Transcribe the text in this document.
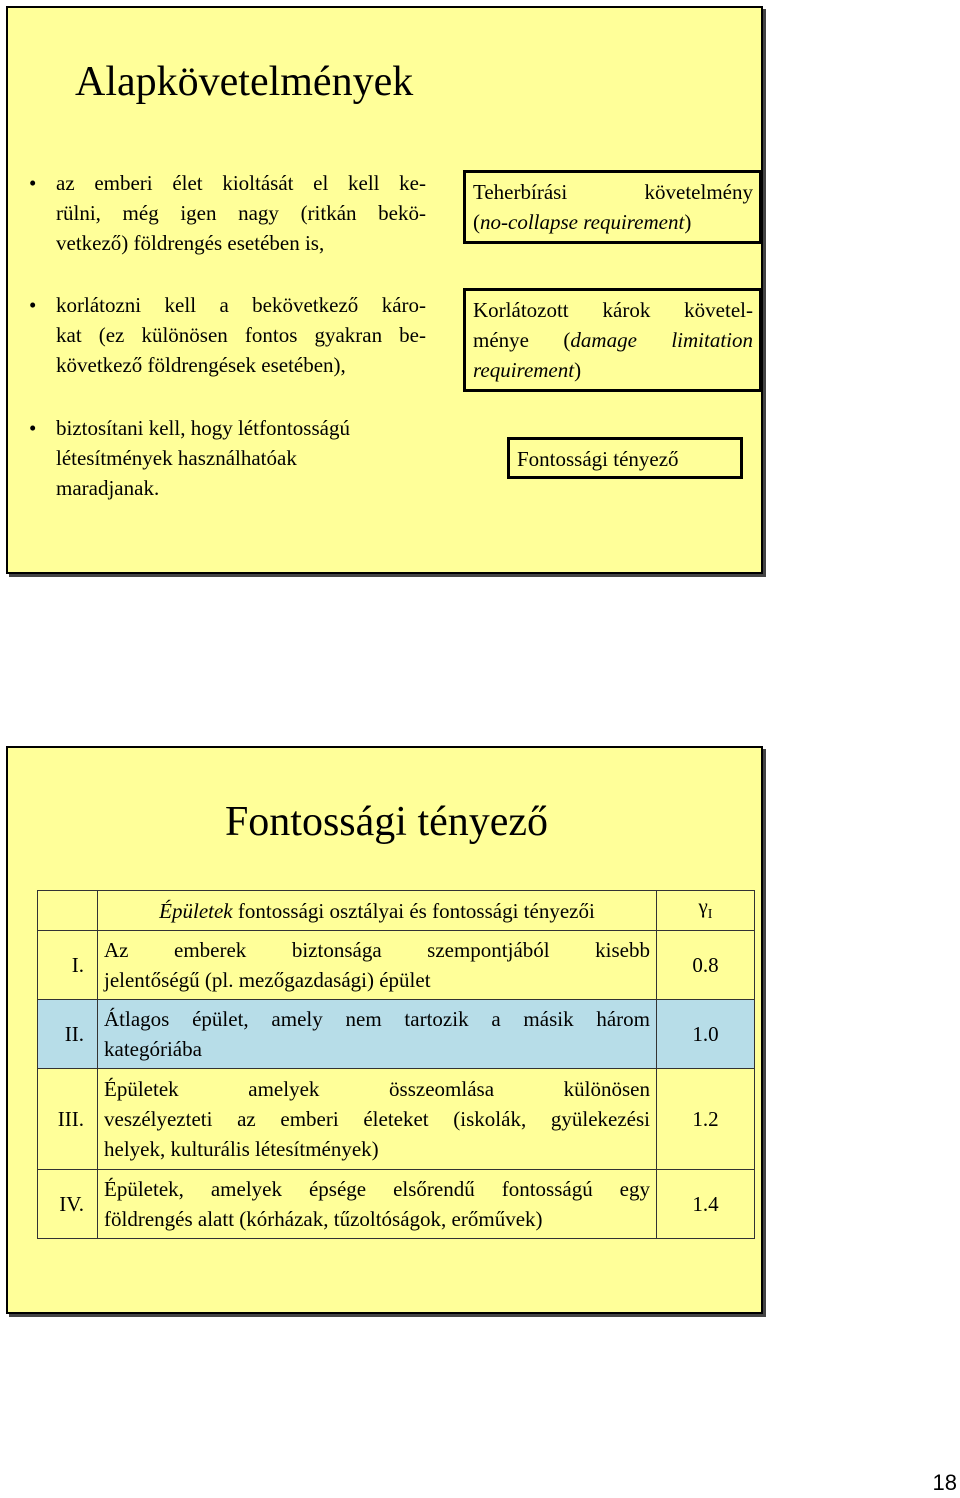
Alapkövetelmények
• az emberi élet kioltását el kell ke-
rülni, még igen nagy (ritkán bekö-
vetkező) földrengés esetében is,
• korlátozni kell a bekövetkező káro-
kat (ez különösen fontos gyakran be-
következő földrengések esetében),
• biztosítani kell, hogy létfontosságú
létesítmények használhatóak
maradjanak.
Teherbírási követelmény
(no-collapse requirement)
Korlátozott károk követel-
ménye (damage limitation
requirement)
Fontossági tényező
Fontossági tényező
	Épületek fontossági osztályai és fontossági tényezői	$\gamma_I$
I.	Az emberek biztonsága szempontjából kisebb
jelentőségű (pl. mezőgazdasági) épület	0.8
II.	Átlagos épület, amely nem tartozik a másik három
kategóriába	1.0
III.	Épületek amelyek összeomlása különösen
veszélyezteti az emberi életeket (iskolák, gyülekezési
helyek, kulturális létesítmények)	1.2
IV.	Épületek, amelyek épsége elsőrendű fontosságú egy
földrengés alatt (kórházak, tűzoltóságok, erőművek)	1.4
18
